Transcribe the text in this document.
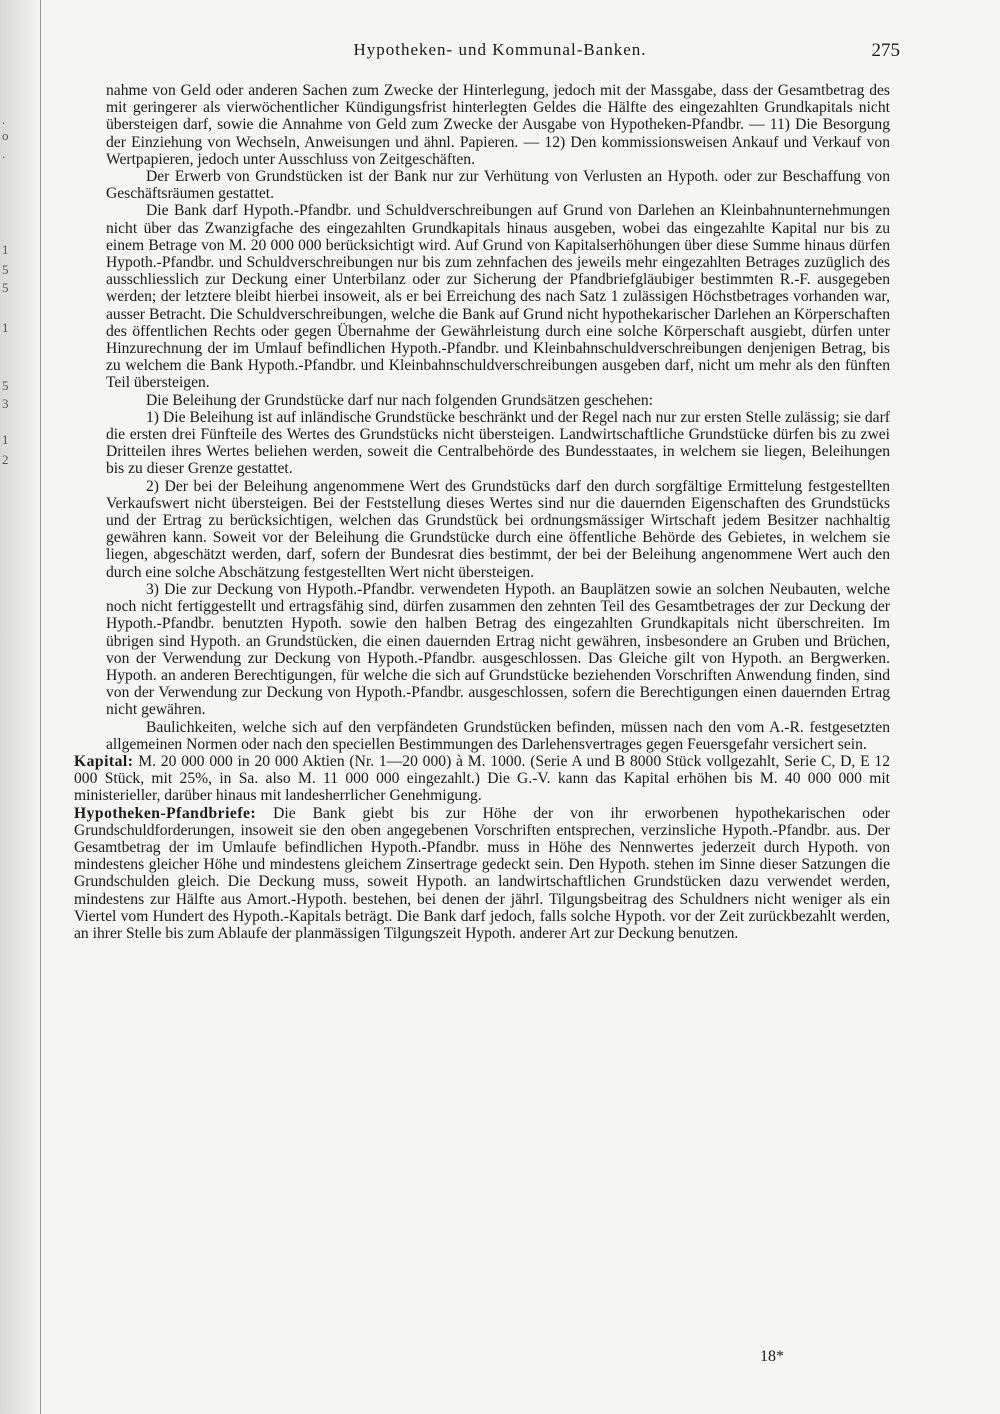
.
o
.
1
5
5
1
5
3
1
2
Hypotheken- und Kommunal-Banken.	275

nahme von Geld oder anderen Sachen zum Zwecke der Hinterlegung, jedoch mit der Massgabe, dass der Gesamtbetrag des mit geringerer als vierwöchentlicher Kündigungsfrist hinterlegten Geldes die Hälfte des eingezahlten Grundkapitals nicht übersteigen darf, sowie die Annahme von Geld zum Zwecke der Ausgabe von Hypotheken-Pfandbr. — 11) Die Besorgung der Einziehung von Wechseln, Anweisungen und ähnl. Papieren. — 12) Den kommissionsweisen Ankauf und Verkauf von Wertpapieren, jedoch unter Ausschluss von Zeitgeschäften.

Der Erwerb von Grundstücken ist der Bank nur zur Verhütung von Verlusten an Hypoth. oder zur Beschaffung von Geschäftsräumen gestattet.

Die Bank darf Hypoth.-Pfandbr. und Schuldverschreibungen auf Grund von Darlehen an Kleinbahnunternehmungen nicht über das Zwanzigfache des eingezahlten Grundkapitals hinaus ausgeben, wobei das eingezahlte Kapital nur bis zu einem Betrage von M. 20 000 000 berücksichtigt wird. Auf Grund von Kapitalserhöhungen über diese Summe hinaus dürfen Hypoth.-Pfandbr. und Schuldverschreibungen nur bis zum zehnfachen des jeweils mehr eingezahlten Betrages zuzüglich des ausschliesslich zur Deckung einer Unterbilanz oder zur Sicherung der Pfandbriefgläubiger bestimmten R.-F. ausgegeben werden; der letztere bleibt hierbei insoweit, als er bei Erreichung des nach Satz 1 zulässigen Höchstbetrages vorhanden war, ausser Betracht. Die Schuldverschreibungen, welche die Bank auf Grund nicht hypothekarischer Darlehen an Körperschaften des öffentlichen Rechts oder gegen Übernahme der Gewährleistung durch eine solche Körperschaft ausgiebt, dürfen unter Hinzurechnung der im Umlauf befindlichen Hypoth.-Pfandbr. und Kleinbahnschuldverschreibungen denjenigen Betrag, bis zu welchem die Bank Hypoth.-Pfandbr. und Kleinbahnschuldverschreibungen ausgeben darf, nicht um mehr als den fünften Teil übersteigen.

Die Beleihung der Grundstücke darf nur nach folgenden Grundsätzen geschehen:

1) Die Beleihung ist auf inländische Grundstücke beschränkt und der Regel nach nur zur ersten Stelle zulässig; sie darf die ersten drei Fünfteile des Wertes des Grundstücks nicht übersteigen. Landwirtschaftliche Grundstücke dürfen bis zu zwei Dritteilen ihres Wertes beliehen werden, soweit die Centralbehörde des Bundesstaates, in welchem sie liegen, Beleihungen bis zu dieser Grenze gestattet.

2) Der bei der Beleihung angenommene Wert des Grundstücks darf den durch sorgfältige Ermittelung festgestellten Verkaufswert nicht übersteigen. Bei der Feststellung dieses Wertes sind nur die dauernden Eigenschaften des Grundstücks und der Ertrag zu berücksichtigen, welchen das Grundstück bei ordnungsmässiger Wirtschaft jedem Besitzer nachhaltig gewähren kann. Soweit vor der Beleihung die Grundstücke durch eine öffentliche Behörde des Gebietes, in welchem sie liegen, abgeschätzt werden, darf, sofern der Bundesrat dies bestimmt, der bei der Beleihung angenommene Wert auch den durch eine solche Abschätzung festgestellten Wert nicht übersteigen.

3) Die zur Deckung von Hypoth.-Pfandbr. verwendeten Hypoth. an Bauplätzen sowie an solchen Neubauten, welche noch nicht fertiggestellt und ertragsfähig sind, dürfen zusammen den zehnten Teil des Gesamtbetrages der zur Deckung der Hypoth.-Pfandbr. benutzten Hypoth. sowie den halben Betrag des eingezahlten Grundkapitals nicht überschreiten. Im übrigen sind Hypoth. an Grundstücken, die einen dauernden Ertrag nicht gewähren, insbesondere an Gruben und Brüchen, von der Verwendung zur Deckung von Hypoth.-Pfandbr. ausgeschlossen. Das Gleiche gilt von Hypoth. an Bergwerken. Hypoth. an anderen Berechtigungen, für welche die sich auf Grundstücke beziehenden Vorschriften Anwendung finden, sind von der Verwendung zur Deckung von Hypoth.-Pfandbr. ausgeschlossen, sofern die Berechtigungen einen dauernden Ertrag nicht gewähren.

Baulichkeiten, welche sich auf den verpfändeten Grundstücken befinden, müssen nach den vom A.-R. festgesetzten allgemeinen Normen oder nach den speciellen Bestimmungen des Darlehensvertrages gegen Feuersgefahr versichert sein.

Kapital: M. 20 000 000 in 20 000 Aktien (Nr. 1—20 000) à M. 1000. (Serie A und B 8000 Stück vollgezahlt, Serie C, D, E 12 000 Stück, mit 25%, in Sa. also M. 11 000 000 eingezahlt.) Die G.-V. kann das Kapital erhöhen bis M. 40 000 000 mit ministerieller, darüber hinaus mit landesherrlicher Genehmigung.

Hypotheken-Pfandbriefe: Die Bank giebt bis zur Höhe der von ihr erworbenen hypothekarischen oder Grundschuldforderungen, insoweit sie den oben angegebenen Vorschriften entsprechen, verzinsliche Hypoth.-Pfandbr. aus. Der Gesamtbetrag der im Umlaufe befindlichen Hypoth.-Pfandbr. muss in Höhe des Nennwertes jederzeit durch Hypoth. von mindestens gleicher Höhe und mindestens gleichem Zinsertrage gedeckt sein. Den Hypoth. stehen im Sinne dieser Satzungen die Grundschulden gleich. Die Deckung muss, soweit Hypoth. an landwirtschaftlichen Grundstücken dazu verwendet werden, mindestens zur Hälfte aus Amort.-Hypoth. bestehen, bei denen der jährl. Tilgungsbeitrag des Schuldners nicht weniger als ein Viertel vom Hundert des Hypoth.-Kapitals beträgt. Die Bank darf jedoch, falls solche Hypoth. vor der Zeit zurückbezahlt werden, an ihrer Stelle bis zum Ablaufe der planmässigen Tilgungszeit Hypoth. anderer Art zur Deckung benutzen.

18*
